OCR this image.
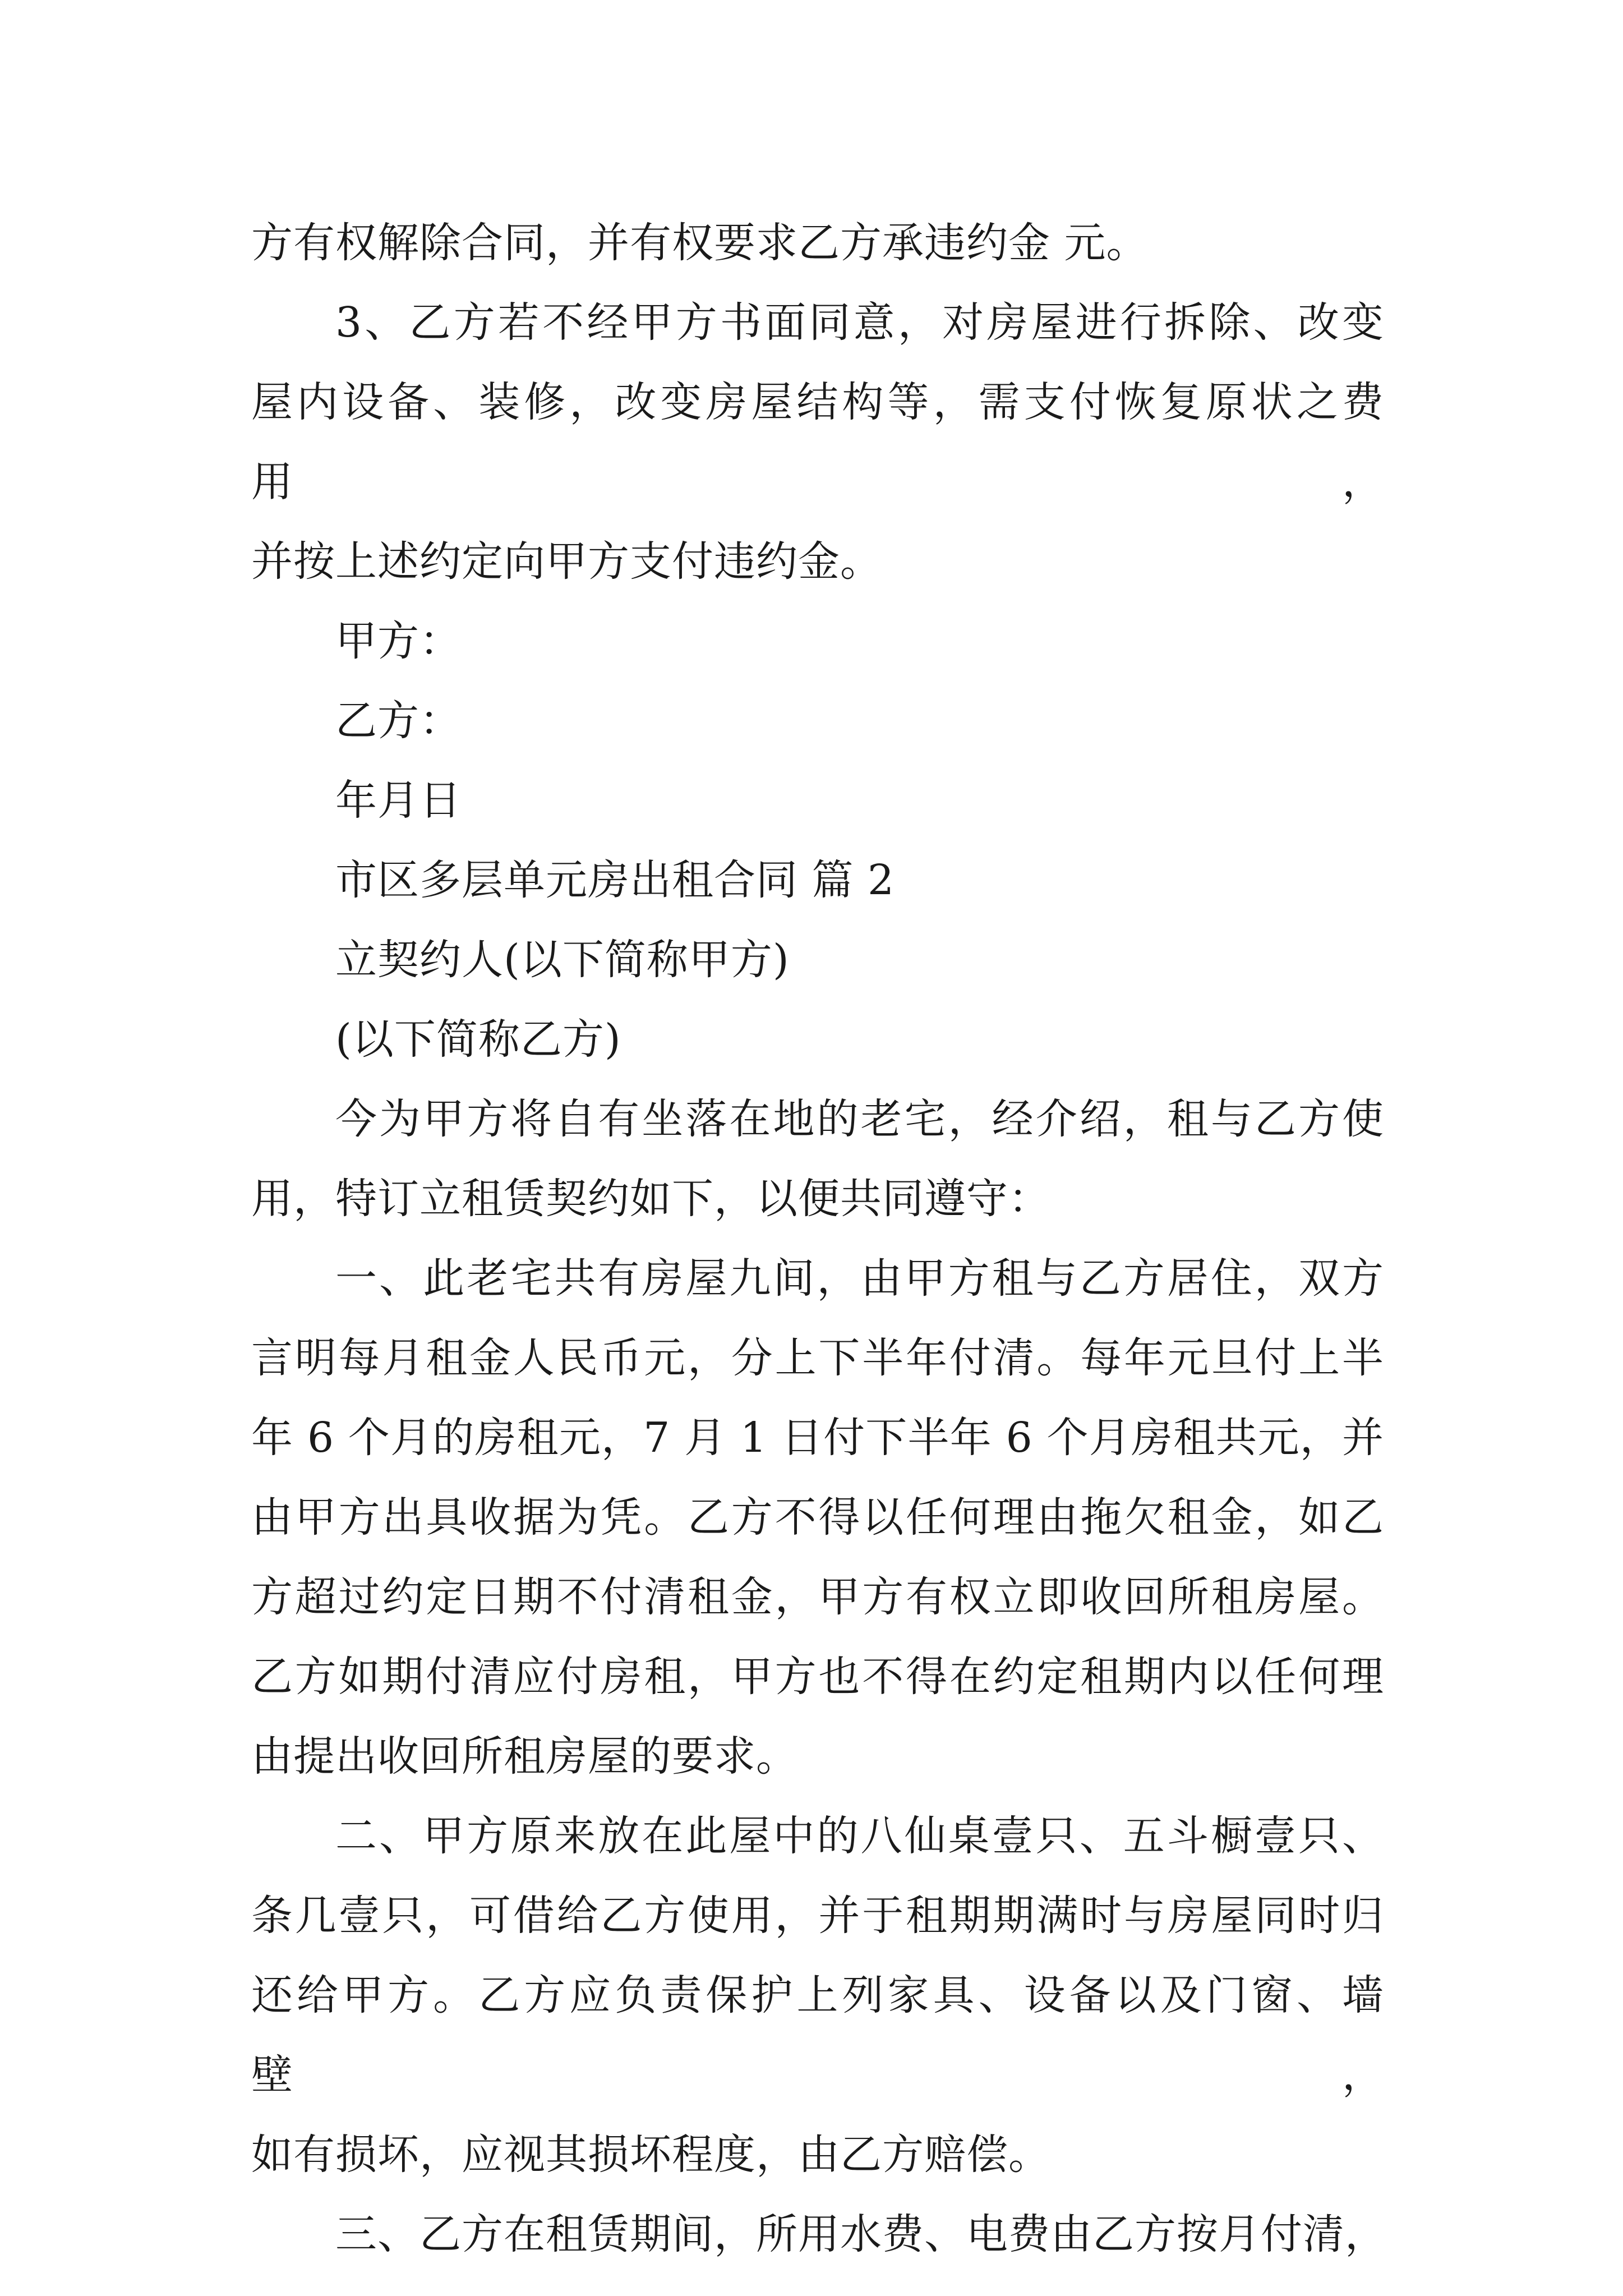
方有权解除合同，并有权要求乙方承违约金 元。
3、乙方若不经甲方书面同意，对房屋进行拆除、改变
屋内设备、装修，改变房屋结构等，需支付恢复原状之费用，
并按上述约定向甲方支付违约金。
甲方：
乙方：
年月日
市区多层单元房出租合同 篇 2
立契约人(以下简称甲方)
(以下简称乙方)
今为甲方将自有坐落在地的老宅，经介绍，租与乙方使
用，特订立租赁契约如下，以便共同遵守：
一、此老宅共有房屋九间，由甲方租与乙方居住，双方
言明每月租金人民币元，分上下半年付清。每年元旦付上半
年 6 个月的房租元，7 月 1 日付下半年 6 个月房租共元，并
由甲方出具收据为凭。乙方不得以任何理由拖欠租金，如乙
方超过约定日期不付清租金，甲方有权立即收回所租房屋。
乙方如期付清应付房租，甲方也不得在约定租期内以任何理
由提出收回所租房屋的要求。
二、甲方原来放在此屋中的八仙桌壹只、五斗橱壹只、
条几壹只，可借给乙方使用，并于租期期满时与房屋同时归
还给甲方。乙方应负责保护上列家具、设备以及门窗、墙壁，
如有损坏，应视其损坏程度，由乙方赔偿。
三、乙方在租赁期间，所用水费、电费由乙方按月付清，
